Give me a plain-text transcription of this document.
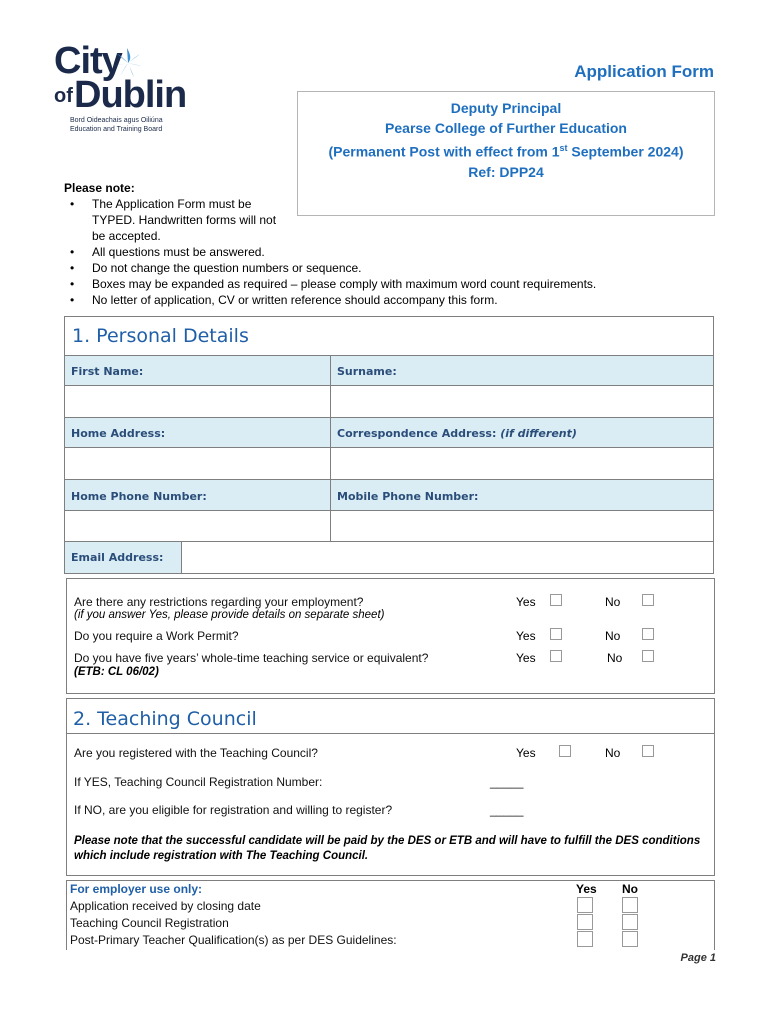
City
of Dublin
Bord Oideachais agus Oiliúna Education and Training Board
Application Form
Deputy Principal
Pearse College of Further Education
(Permanent Post with effect from 1st September 2024)
Ref: DPP24
Please note:
• The Application Form must be TYPED. Handwritten forms will not be accepted.
• All questions must be answered.
• Do not change the question numbers or sequence.
• Boxes may be expanded as required – please comply with maximum word count requirements.
• No letter of application, CV or written reference should accompany this form.
1. Personal Details
First Name:	Surname:
Home Address:	Correspondence Address: (if different)
Home Phone Number:	Mobile Phone Number:
Email Address:
Are there any restrictions regarding your employment?
(if you answer Yes, please provide details on separate sheet)
Yes	No
Do you require a Work Permit?	Yes	No
Do you have five years’ whole-time teaching service or equivalent?
(ETB: CL 06/02)
Yes	No
2. Teaching Council
Are you registered with the Teaching Council?	Yes	No
If YES, Teaching Council Registration Number:	_____
If NO, are you eligible for registration and willing to register?	_____
Please note that the successful candidate will be paid by the DES or ETB and will have to fulfill the DES conditions which include registration with The Teaching Council.
For employer use only:	Yes No
Application received by closing date
Teaching Council Registration
Post-Primary Teacher Qualification(s) as per DES Guidelines:
Page 1
